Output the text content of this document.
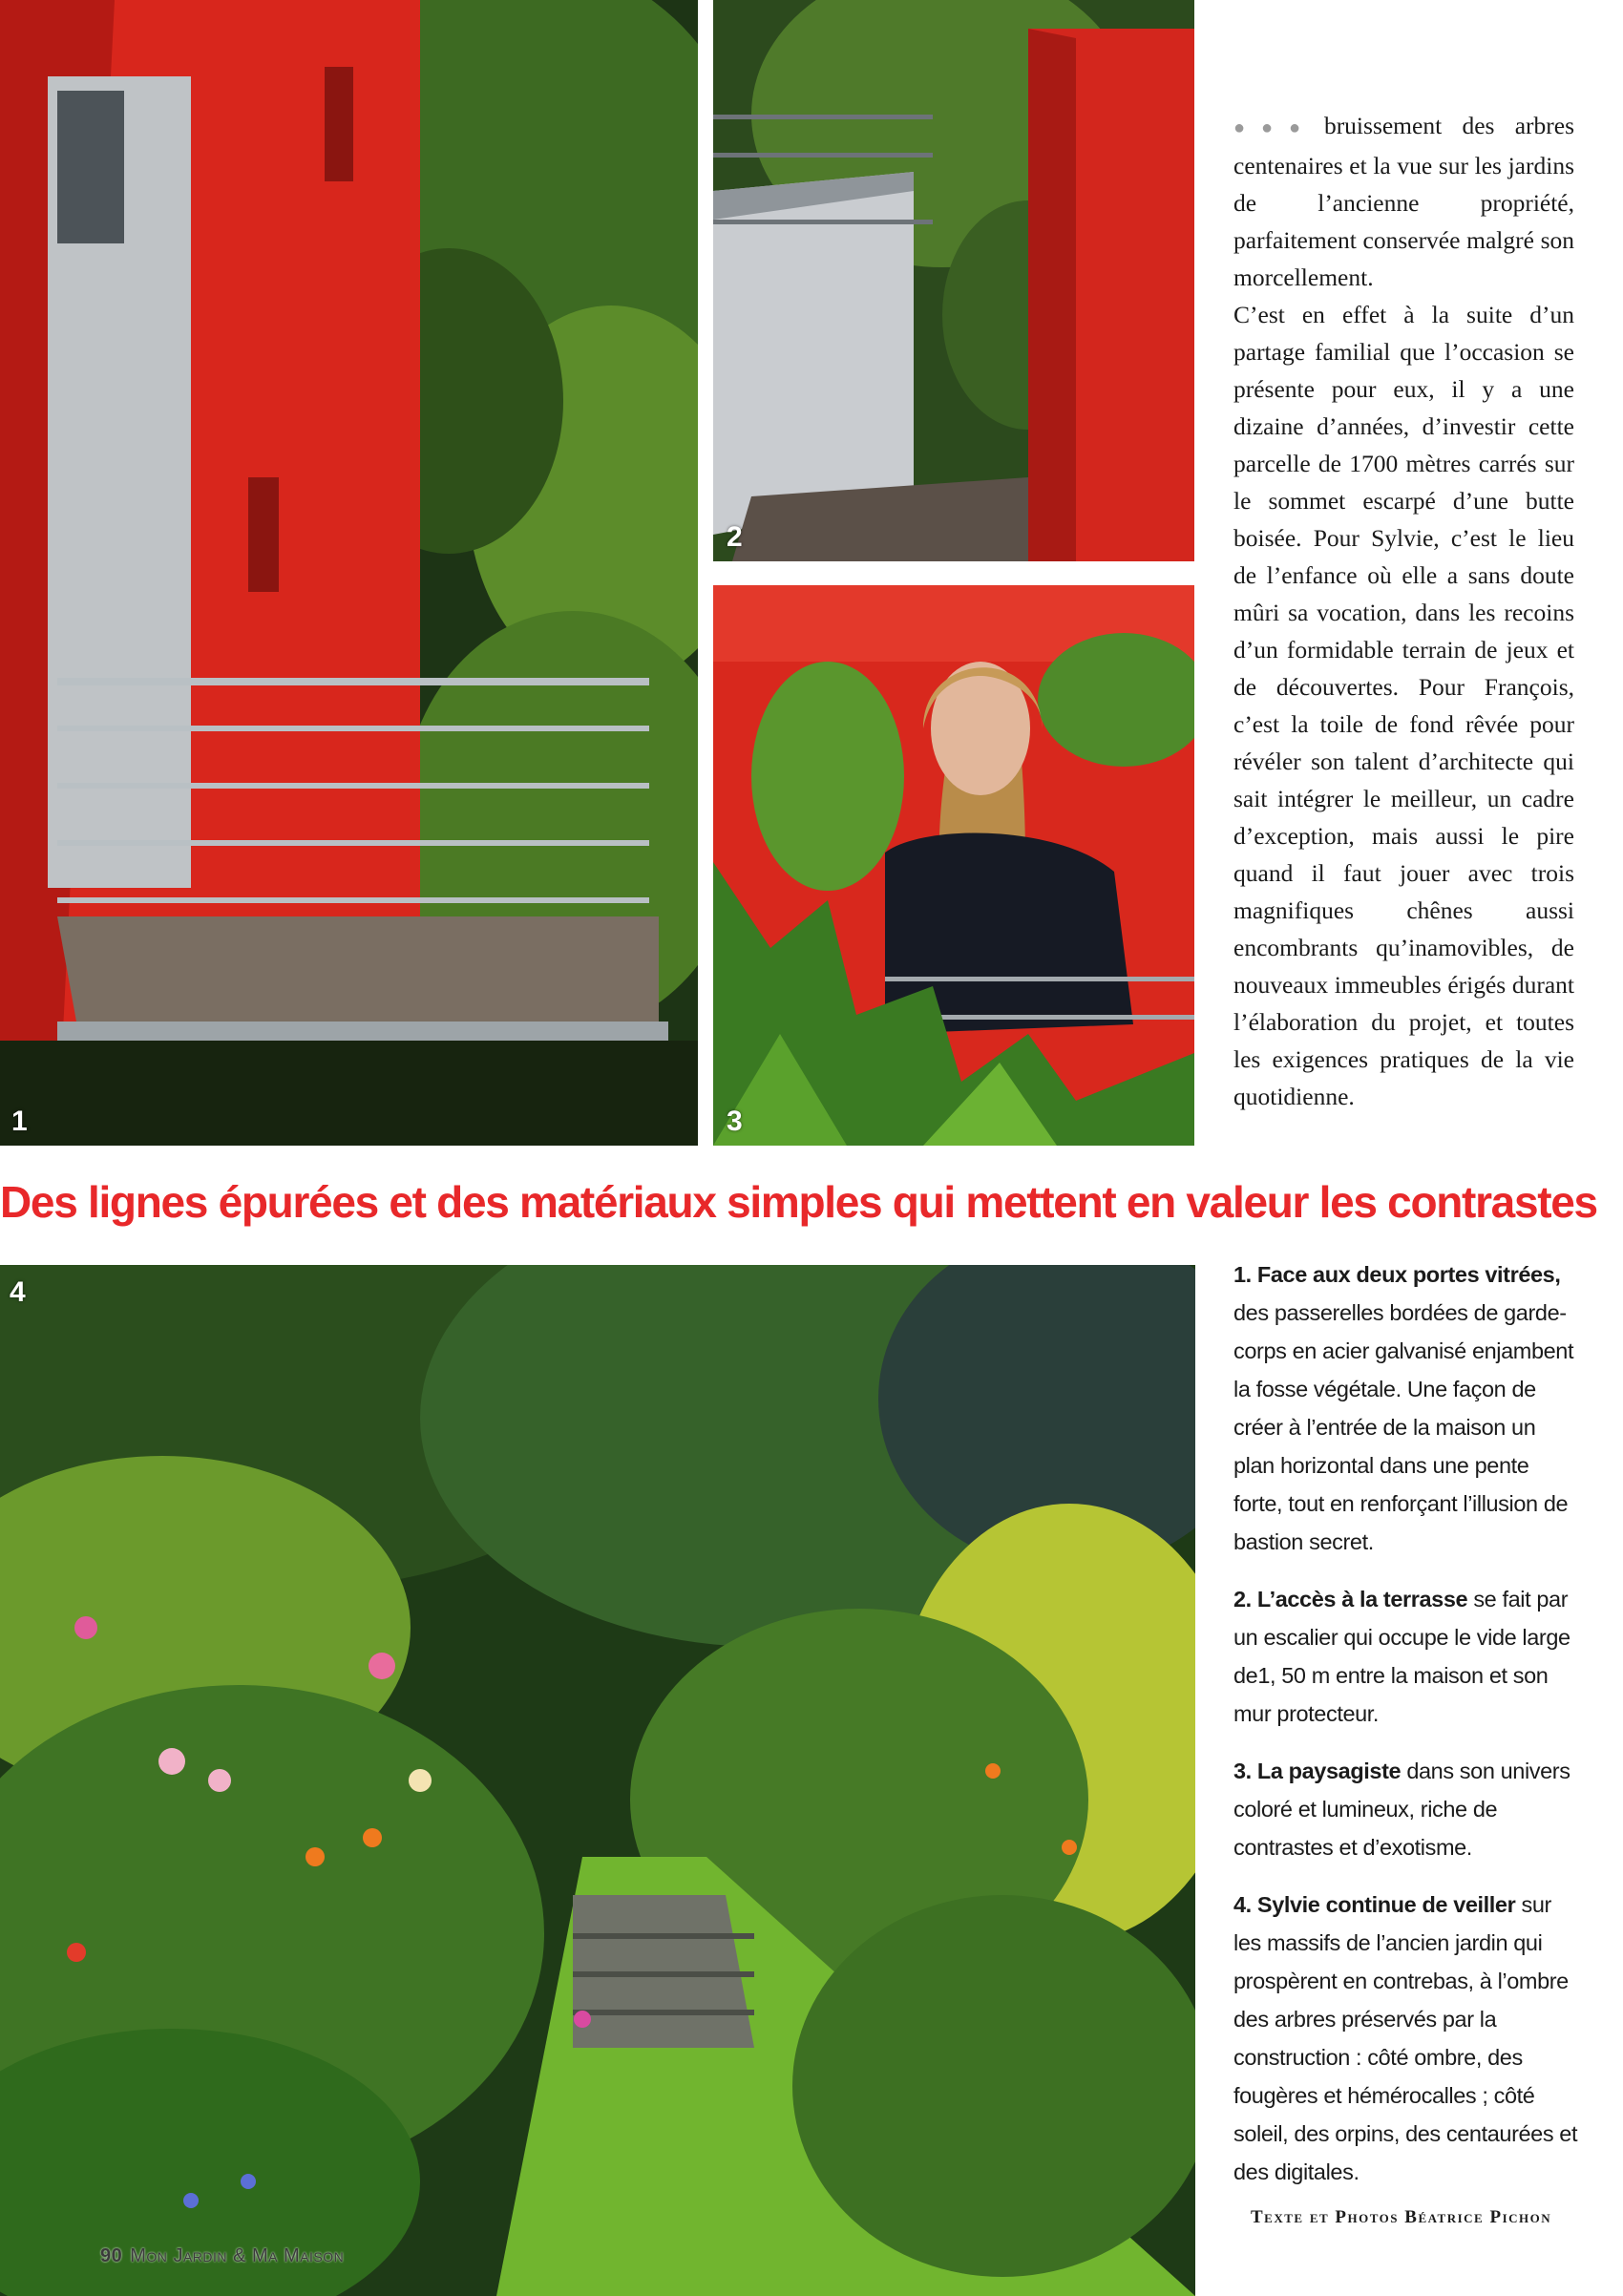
1
2
3

●●● bruissement des arbres centenaires et la vue sur les jardins de l’ancienne propriété, parfaitement conservée malgré son morcellement.

C’est en effet à la suite d’un partage familial que l’occasion se présente pour eux, il y a une dizaine d’années, d’investir cette parcelle de 1700 mètres carrés sur le sommet escarpé d’une butte boisée. Pour Sylvie, c’est le lieu de l’enfance où elle a sans doute mûri sa vocation, dans les recoins d’un formidable terrain de jeux et de découvertes. Pour François, c’est la toile de fond rêvée pour révéler son talent d’architecte qui sait intégrer le meilleur, un cadre d’exception, mais aussi le pire quand il faut jouer avec trois magnifiques chênes aussi encombrants qu’inamovibles, de nouveaux immeubles érigés durant l’élaboration du projet, et toutes les exigences pratiques de la vie quotidienne.

Des lignes épurées et des matériaux simples qui mettent en valeur les contrastes
4

1. Face aux deux portes vitrées, des passerelles bordées de garde-corps en acier galvanisé enjambent la fosse végétale. Une façon de créer à l’entrée de la maison un plan horizontal dans une pente forte, tout en renforçant l’illusion de bastion secret.

2. L’accès à la terrasse se fait par un escalier qui occupe le vide large de1, 50 m entre la maison et son mur protecteur.

3. La paysagiste dans son univers coloré et lumineux, riche de contrastes et d’exotisme.

4. Sylvie continue de veiller sur les massifs de l’ancien jardin qui prospèrent en contrebas, à l’ombre des arbres préservés par la construction : côté ombre, des fougères et hémérocalles ; côté soleil, des orpins, des centaurées et des digitales.

Texte et Photos Béatrice Pichon
90 Mon Jardin & Ma Maison
